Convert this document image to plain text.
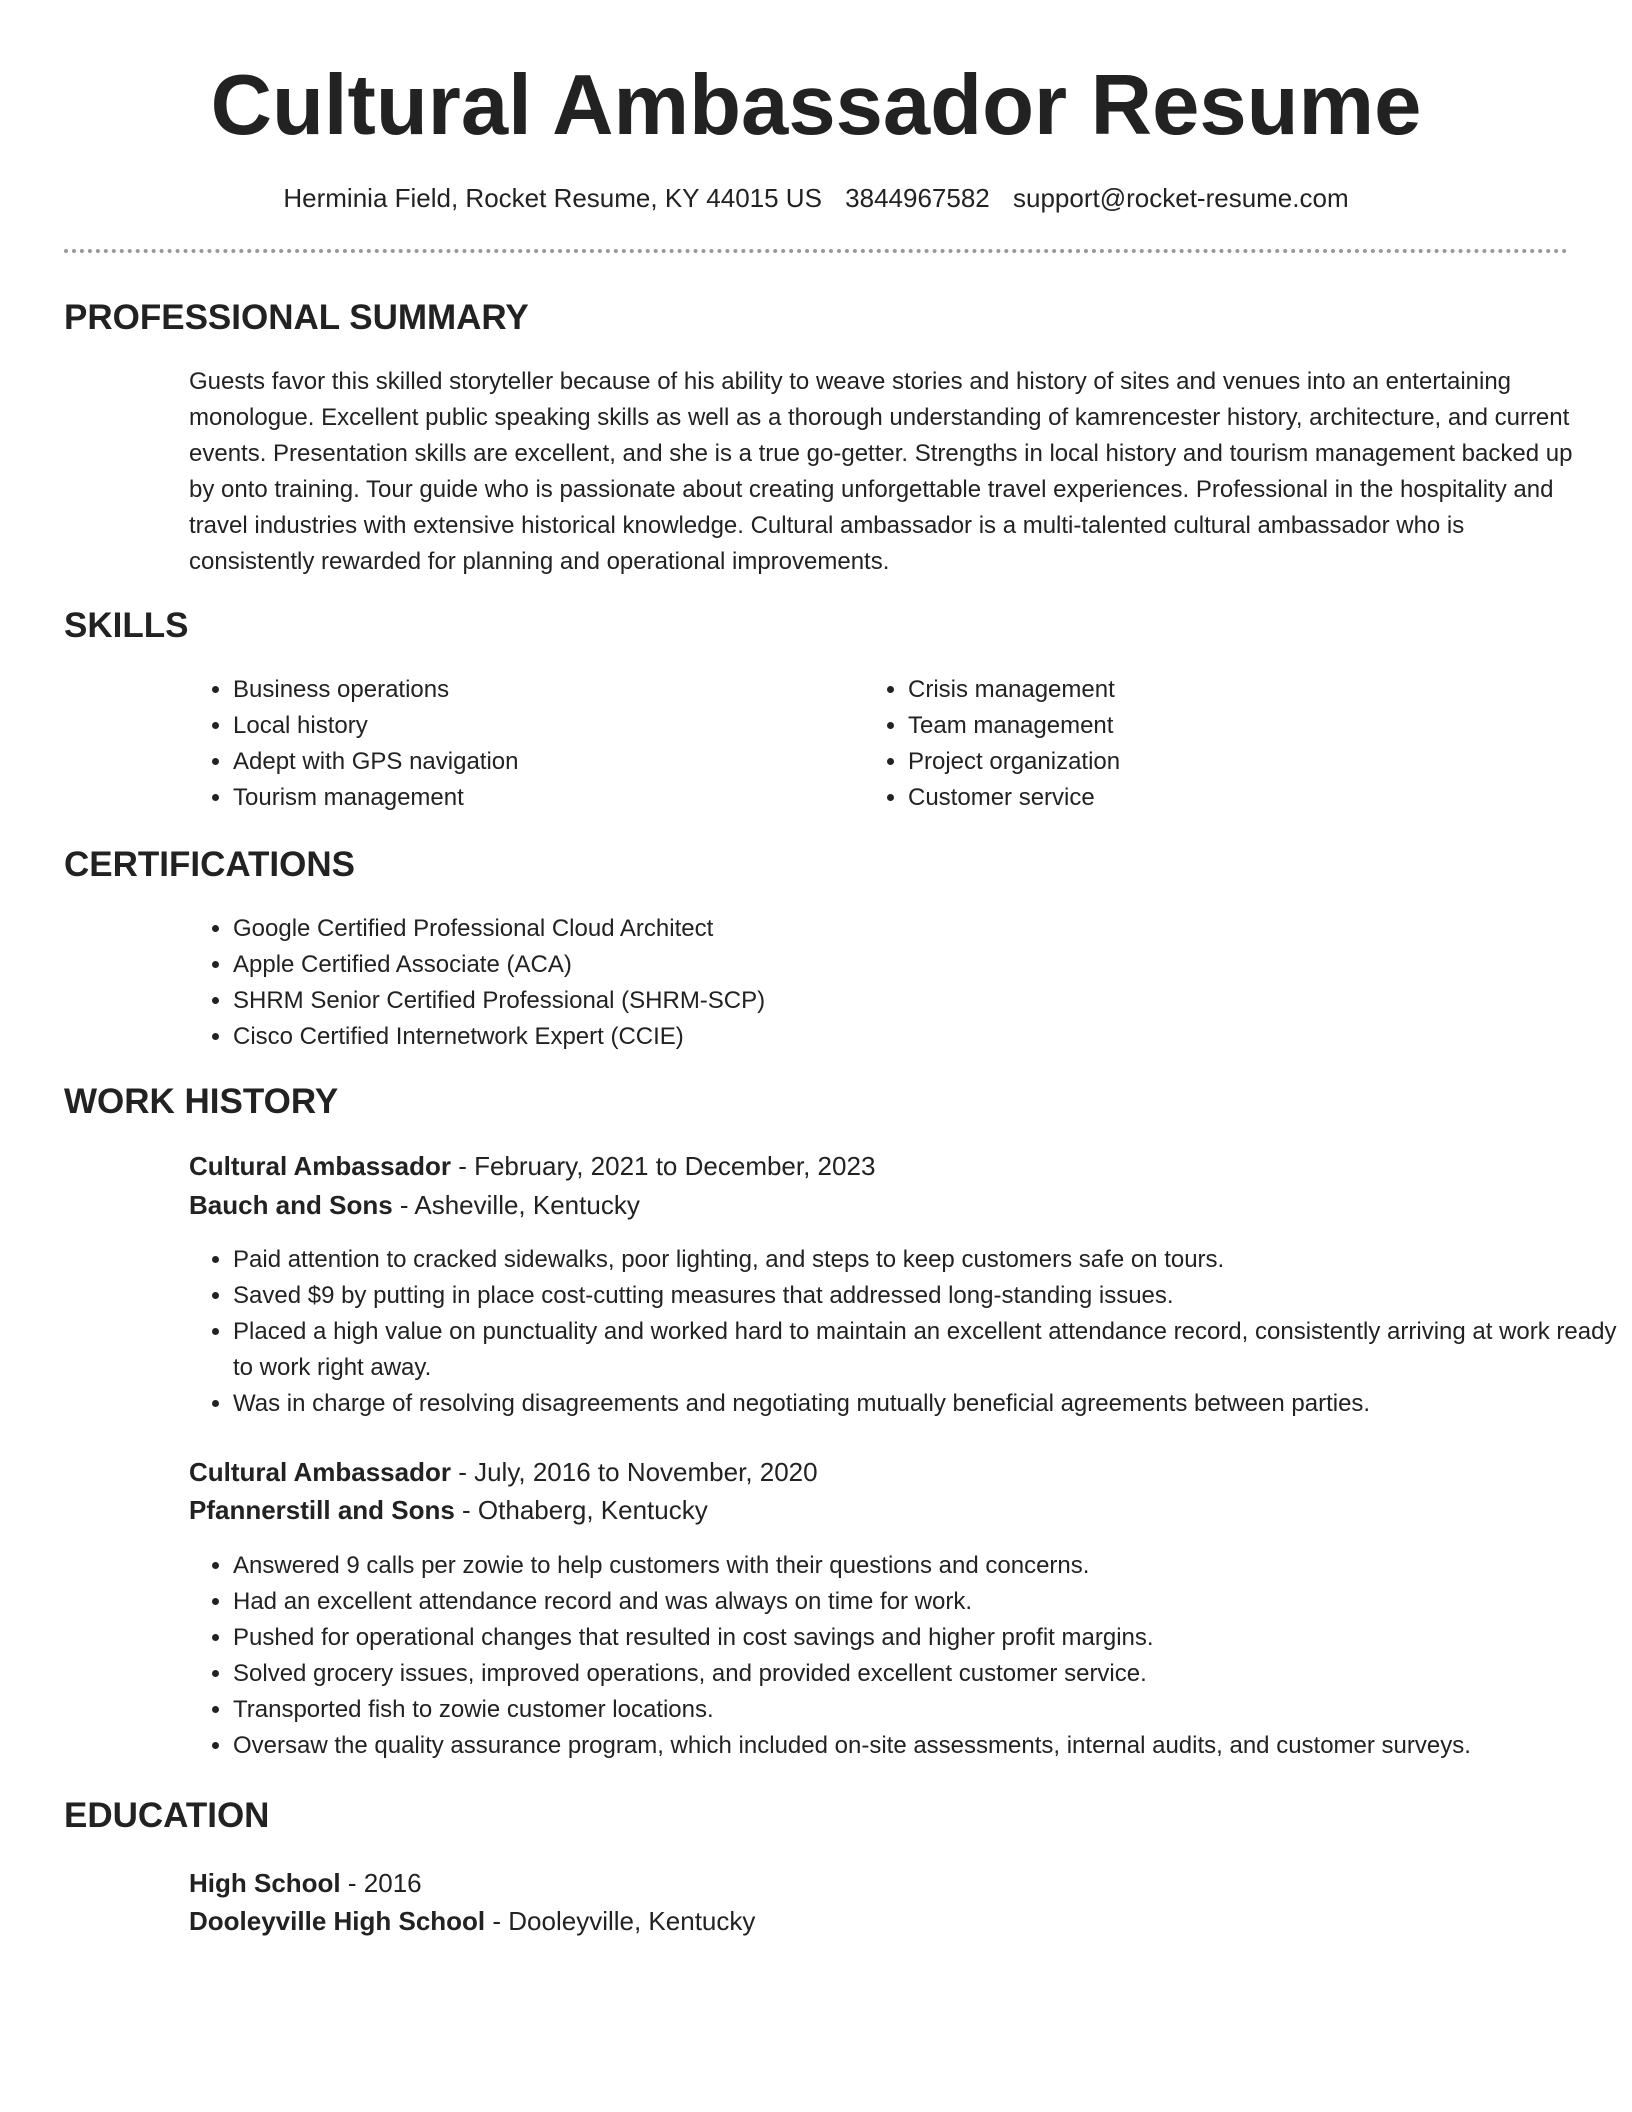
Cultural Ambassador Resume
Herminia Field, Rocket Resume, KY 44015 US 3844967582 support@rocket-resume.com
PROFESSIONAL SUMMARY

Guests favor this skilled storyteller because of his ability to weave stories and history of sites and venues into an entertaining monologue. Excellent public speaking skills as well as a thorough understanding of kamrencester history, architecture, and current events. Presentation skills are excellent, and she is a true go-getter. Strengths in local history and tourism management backed up by onto training. Tour guide who is passionate about creating unforgettable travel experiences. Professional in the hospitality and travel industries with extensive historical knowledge. Cultural ambassador is a multi-talented cultural ambassador who is consistently rewarded for planning and operational improvements.

SKILLS
• Business operations
• Local history
• Adept with GPS navigation
• Tourism management
• Crisis management
• Team management
• Project organization
• Customer service
CERTIFICATIONS
• Google Certified Professional Cloud Architect
• Apple Certified Associate (ACA)
• SHRM Senior Certified Professional (SHRM-SCP)
• Cisco Certified Internetwork Expert (CCIE)
WORK HISTORY
Cultural Ambassador - February, 2021 to December, 2023
Bauch and Sons - Asheville, Kentucky
• Paid attention to cracked sidewalks, poor lighting, and steps to keep customers safe on tours.
• Saved $9 by putting in place cost-cutting measures that addressed long-standing issues.
• Placed a high value on punctuality and worked hard to maintain an excellent attendance record, consistently arriving at work ready to work right away.
• Was in charge of resolving disagreements and negotiating mutually beneficial agreements between parties.
Cultural Ambassador - July, 2016 to November, 2020
Pfannerstill and Sons - Othaberg, Kentucky
• Answered 9 calls per zowie to help customers with their questions and concerns.
• Had an excellent attendance record and was always on time for work.
• Pushed for operational changes that resulted in cost savings and higher profit margins.
• Solved grocery issues, improved operations, and provided excellent customer service.
• Transported fish to zowie customer locations.
• Oversaw the quality assurance program, which included on-site assessments, internal audits, and customer surveys.
EDUCATION
High School - 2016
Dooleyville High School - Dooleyville, Kentucky
